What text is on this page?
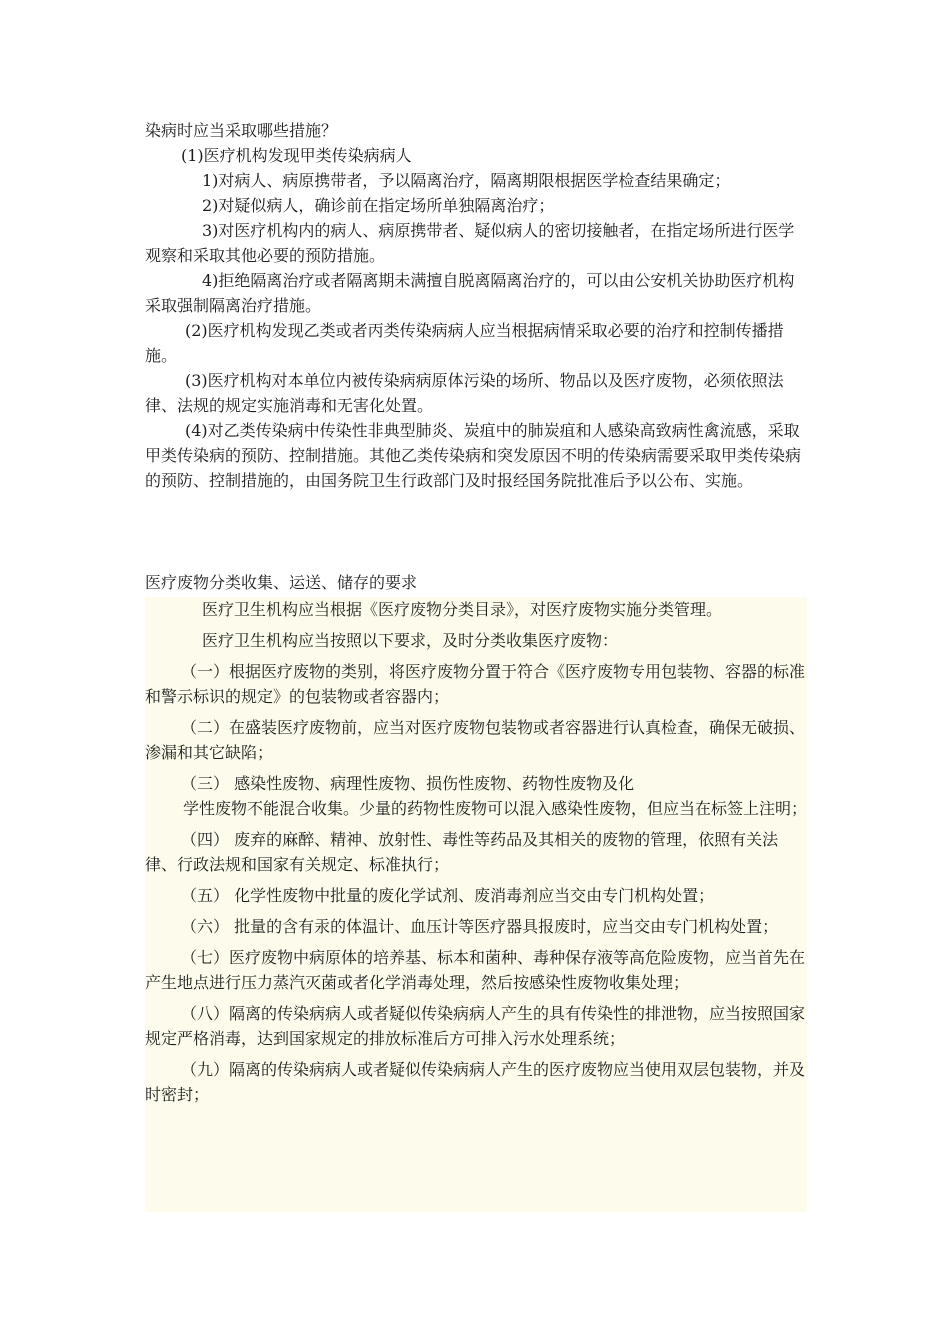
染病时应当采取哪些措施？

(1)医疗机构发现甲类传染病病人

1)对病人、病原携带者，予以隔离治疗，隔离期限根据医学检查结果确定；

2)对疑似病人，确诊前在指定场所单独隔离治疗；

3)对医疗机构内的病人、病原携带者、疑似病人的密切接触者，在指定场所进行医学观察和采取其他必要的预防措施。

4)拒绝隔离治疗或者隔离期未满擅自脱离隔离治疗的，可以由公安机关协助医疗机构采取强制隔离治疗措施。

(2)医疗机构发现乙类或者丙类传染病病人应当根据病情采取必要的治疗和控制传播措施。

(3)医疗机构对本单位内被传染病病原体污染的场所、物品以及医疗废物，必须依照法律、法规的规定实施消毒和无害化处置。

(4)对乙类传染病中传染性非典型肺炎、炭疽中的肺炭疽和人感染高致病性禽流感，采取甲类传染病的预防、控制措施。其他乙类传染病和突发原因不明的传染病需要采取甲类传染病的预防、控制措施的，由国务院卫生行政部门及时报经国务院批准后予以公布、实施。

医疗废物分类收集、运送、储存的要求

医疗卫生机构应当根据《医疗废物分类目录》，对医疗废物实施分类管理。

医疗卫生机构应当按照以下要求，及时分类收集医疗废物：

（一）根据医疗废物的类别，将医疗废物分置于符合《医疗废物专用包装物、容器的标准和警示标识的规定》的包装物或者容器内；

（二）在盛装医疗废物前，应当对医疗废物包装物或者容器进行认真检查，确保无破损、渗漏和其它缺陷；

（三） 感染性废物、病理性废物、损伤性废物、药物性废物及化

学性废物不能混合收集。少量的药物性废物可以混入感染性废物，但应当在标签上注明；

（四） 废弃的麻醉、精神、放射性、毒性等药品及其相关的废物的管理，依照有关法律、行政法规和国家有关规定、标准执行；

（五） 化学性废物中批量的废化学试剂、废消毒剂应当交由专门机构处置；

（六） 批量的含有汞的体温计、血压计等医疗器具报废时，应当交由专门机构处置；

（七）医疗废物中病原体的培养基、标本和菌种、毒种保存液等高危险废物，应当首先在产生地点进行压力蒸汽灭菌或者化学消毒处理，然后按感染性废物收集处理；

（八）隔离的传染病病人或者疑似传染病病人产生的具有传染性的排泄物，应当按照国家规定严格消毒，达到国家规定的排放标准后方可排入污水处理系统；

（九）隔离的传染病病人或者疑似传染病病人产生的医疗废物应当使用双层包装物，并及时密封；
